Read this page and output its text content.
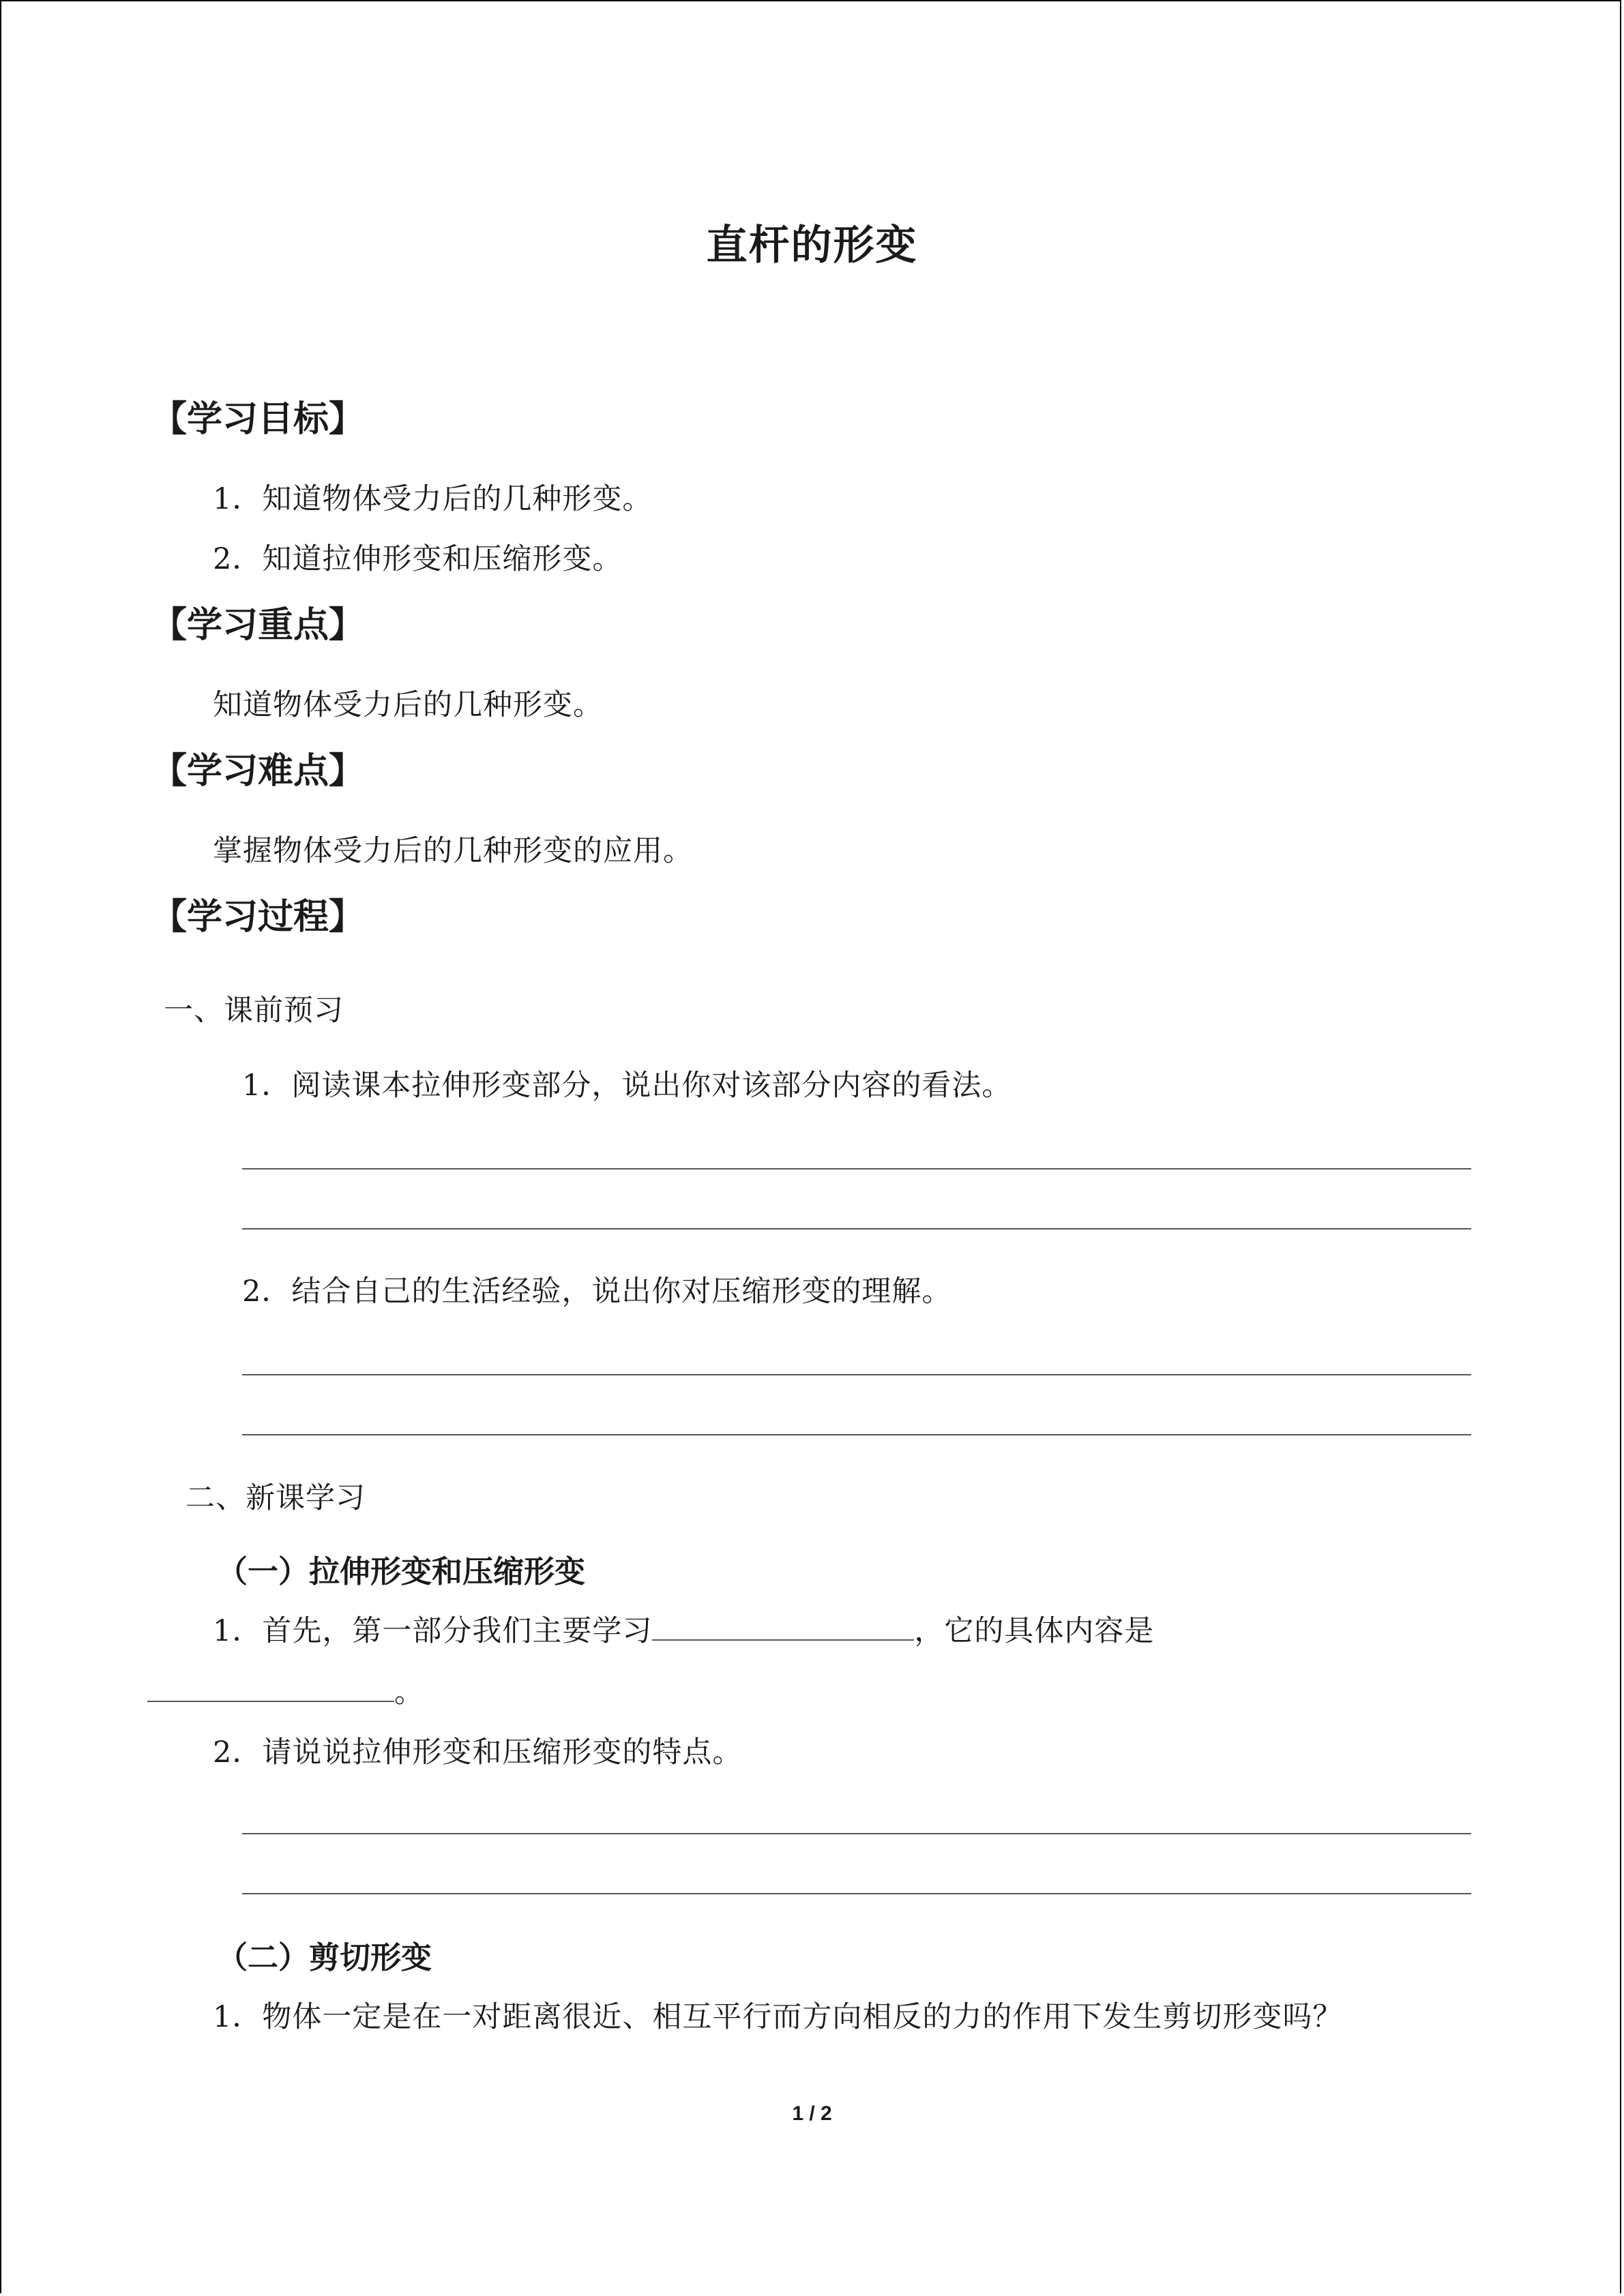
直杆的形变
【学习目标】
1．知道物体受力后的几种形变。
2．知道拉伸形变和压缩形变。
【学习重点】
知道物体受力后的几种形变。
【学习难点】
掌握物体受力后的几种形变的应用。
【学习过程】
一、课前预习
1．阅读课本拉伸形变部分，说出你对该部分内容的看法。
2．结合自己的生活经验，说出你对压缩形变的理解。
二、新课学习
（一）拉伸形变和压缩形变
1．首先，第一部分我们主要学习	，它的具体内容是
。
2．请说说拉伸形变和压缩形变的特点。
（二）剪切形变
1．物体一定是在一对距离很近、相互平行而方向相反的力的作用下发生剪切形变吗？
1 / 2
